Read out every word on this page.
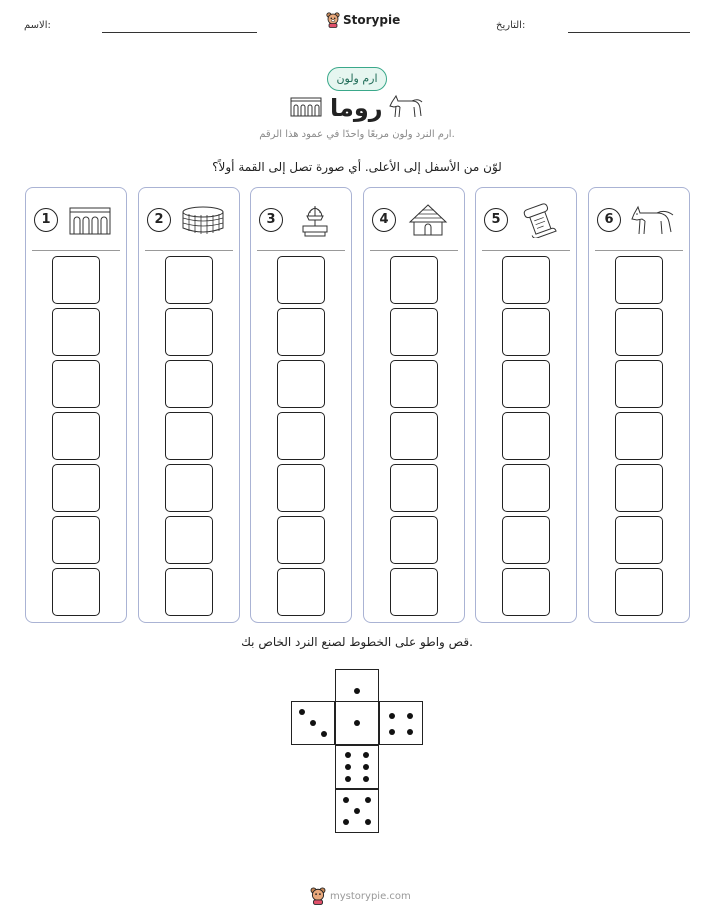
الاسم:	Storypie	التاريخ:
ارم ولون
روما
ارم النرد ولون مربعًا واحدًا في عمود هذا الرقم.
لوّن من الأسفل إلى الأعلى. أي صورة تصل إلى القمة أولاً؟
1	2	3	4	5	6
قص واطو على الخطوط لصنع النرد الخاص بك.
mystorypie.com
